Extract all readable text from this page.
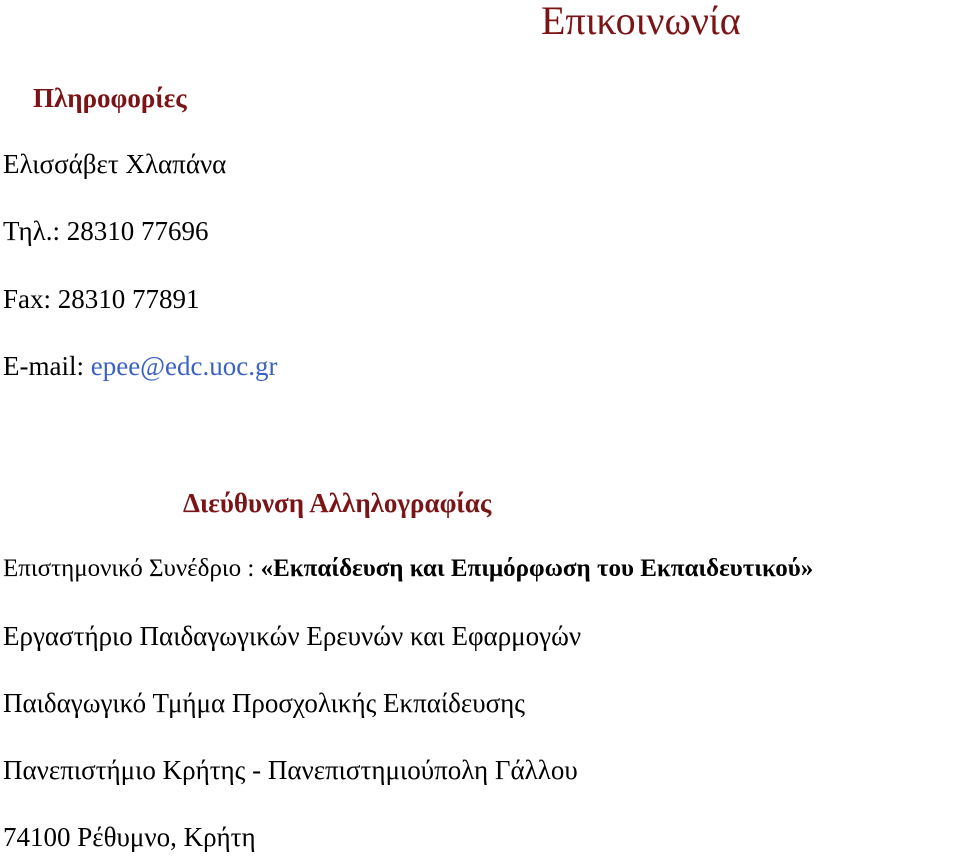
Επικοινωνία
Πληροφορίες
Ελισσάβετ Χλαπάνα
Τηλ.: 28310 77696
Fax: 28310 77891
E-mail: epee@edc.uoc.gr
Διεύθυνση Αλληλογραφίας
Επιστημονικό Συνέδριο : «Εκπαίδευση και Επιμόρφωση του Εκπαιδευτικού»
Εργαστήριο Παιδαγωγικών Ερευνών και Εφαρμογών
Παιδαγωγικό Τμήμα Προσχολικής Εκπαίδευσης
Πανεπιστήμιο Κρήτης - Πανεπιστημιούπολη Γάλλου
74100 Ρέθυμνο, Κρήτη
